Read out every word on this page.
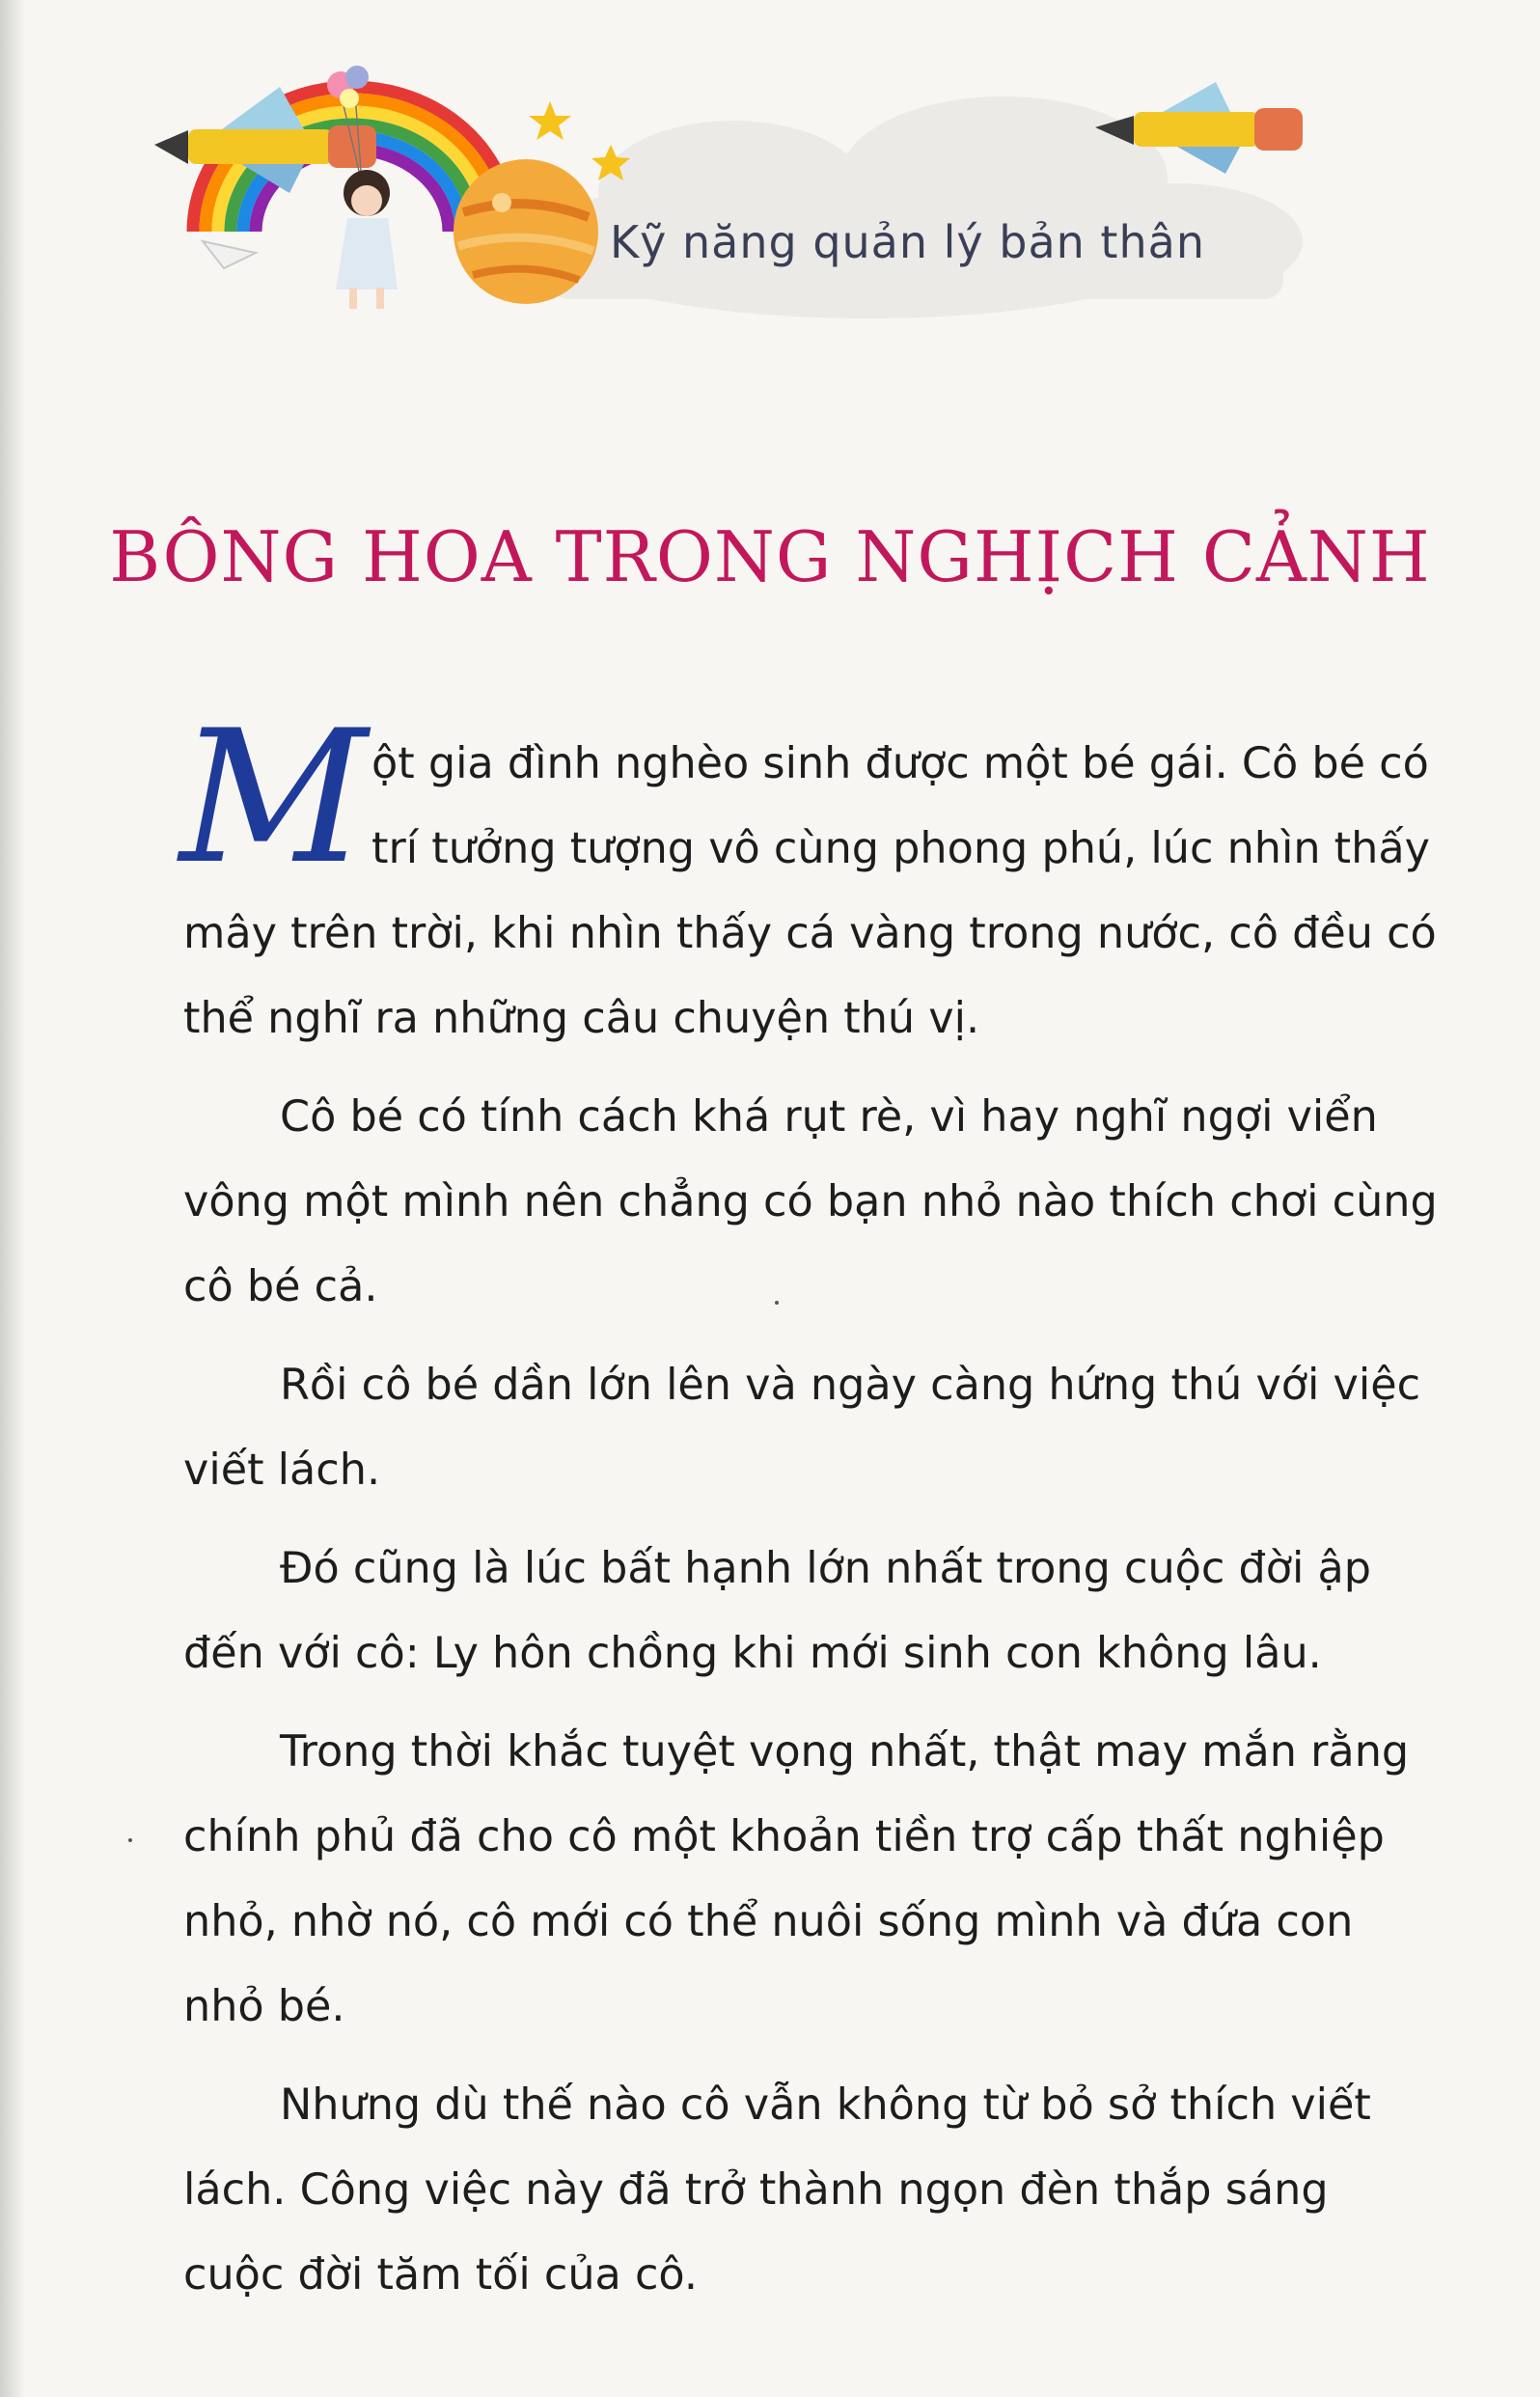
Kỹ năng quản lý bản thân
BÔNG HOA TRONG NGHỊCH CẢNH

M ột gia đình nghèo sinh được một bé gái. Cô bé có trí tưởng tượng vô cùng phong phú, lúc nhìn thấy mây trên trời, khi nhìn thấy cá vàng trong nước, cô đều có thể nghĩ ra những câu chuyện thú vị.

Cô bé có tính cách khá rụt rè, vì hay nghĩ ngợi viển vông một mình nên chẳng có bạn nhỏ nào thích chơi cùng cô bé cả.

Rồi cô bé dần lớn lên và ngày càng hứng thú với việc viết lách.

Đó cũng là lúc bất hạnh lớn nhất trong cuộc đời ập đến với cô: Ly hôn chồng khi mới sinh con không lâu.

Trong thời khắc tuyệt vọng nhất, thật may mắn rằng chính phủ đã cho cô một khoản tiền trợ cấp thất nghiệp nhỏ, nhờ nó, cô mới có thể nuôi sống mình và đứa con nhỏ bé.

Nhưng dù thế nào cô vẫn không từ bỏ sở thích viết lách. Công việc này đã trở thành ngọn đèn thắp sáng cuộc đời tăm tối của cô.
